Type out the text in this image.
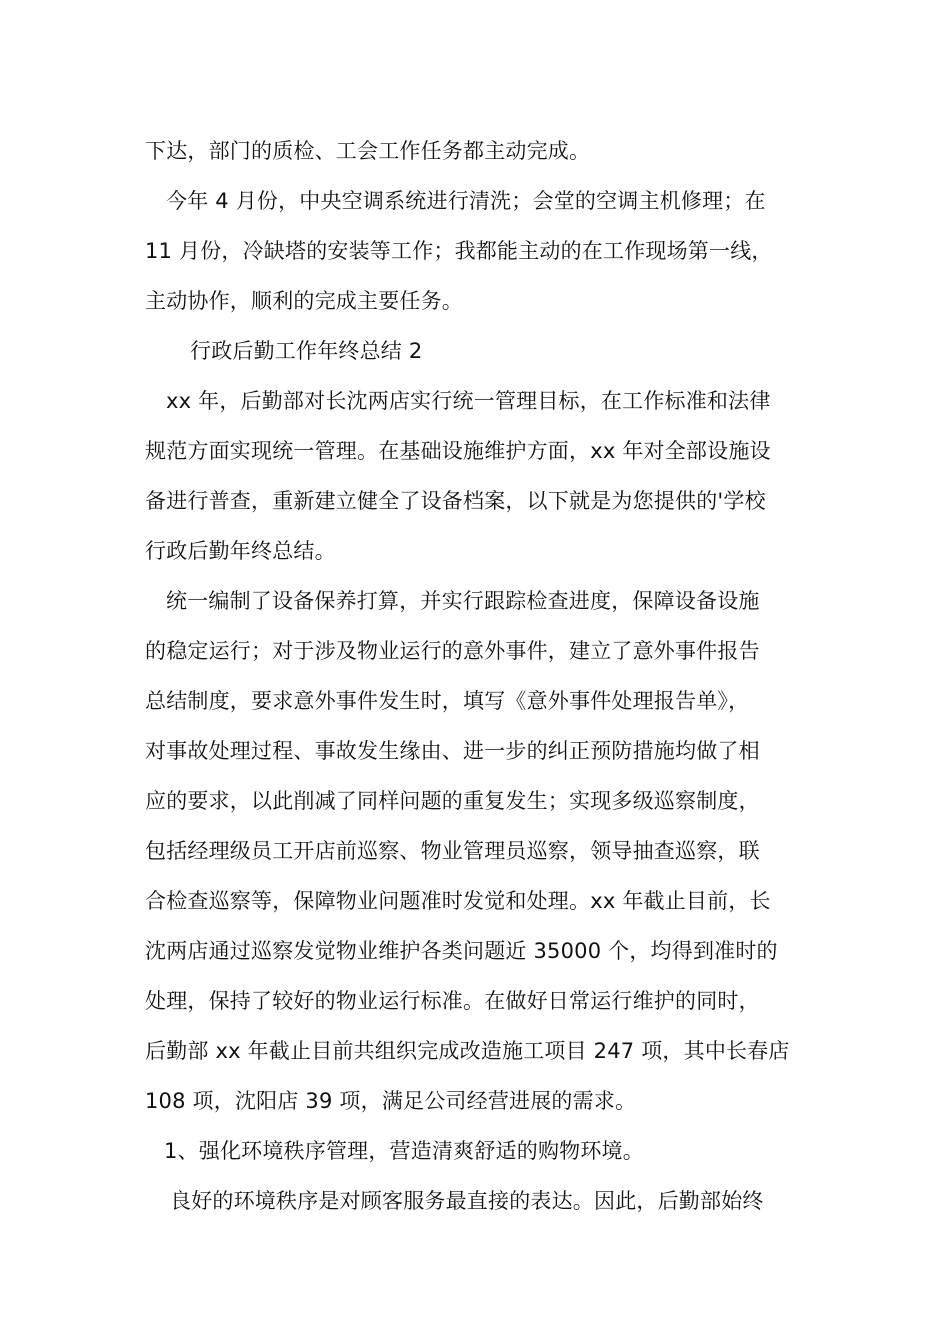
下达，部门的质检、工会工作任务都主动完成。
今年 4 月份，中央空调系统进行清洗；会堂的空调主机修理；在
11 月份，冷缺塔的安装等工作；我都能主动的在工作现场第一线，
主动协作，顺利的完成主要任务。
行政后勤工作年终总结 2
xx 年，后勤部对长沈两店实行统一管理目标，在工作标准和法律
规范方面实现统一管理。在基础设施维护方面，xx 年对全部设施设
备进行普查，重新建立健全了设备档案，以下就是为您提供的'学校
行政后勤年终总结。
统一编制了设备保养打算，并实行跟踪检查进度，保障设备设施
的稳定运行；对于涉及物业运行的意外事件，建立了意外事件报告
总结制度，要求意外事件发生时，填写《意外事件处理报告单》，
对事故处理过程、事故发生缘由、进一步的纠正预防措施均做了相
应的要求，以此削减了同样问题的重复发生；实现多级巡察制度，
包括经理级员工开店前巡察、物业管理员巡察，领导抽查巡察，联
合检查巡察等，保障物业问题准时发觉和处理。xx 年截止目前，长
沈两店通过巡察发觉物业维护各类问题近 35000 个，均得到准时的
处理，保持了较好的物业运行标准。在做好日常运行维护的同时，
后勤部 xx 年截止目前共组织完成改造施工项目 247 项，其中长春店
108 项，沈阳店 39 项，满足公司经营进展的需求。
1、强化环境秩序管理，营造清爽舒适的购物环境。
良好的环境秩序是对顾客服务最直接的表达。因此，后勤部始终
